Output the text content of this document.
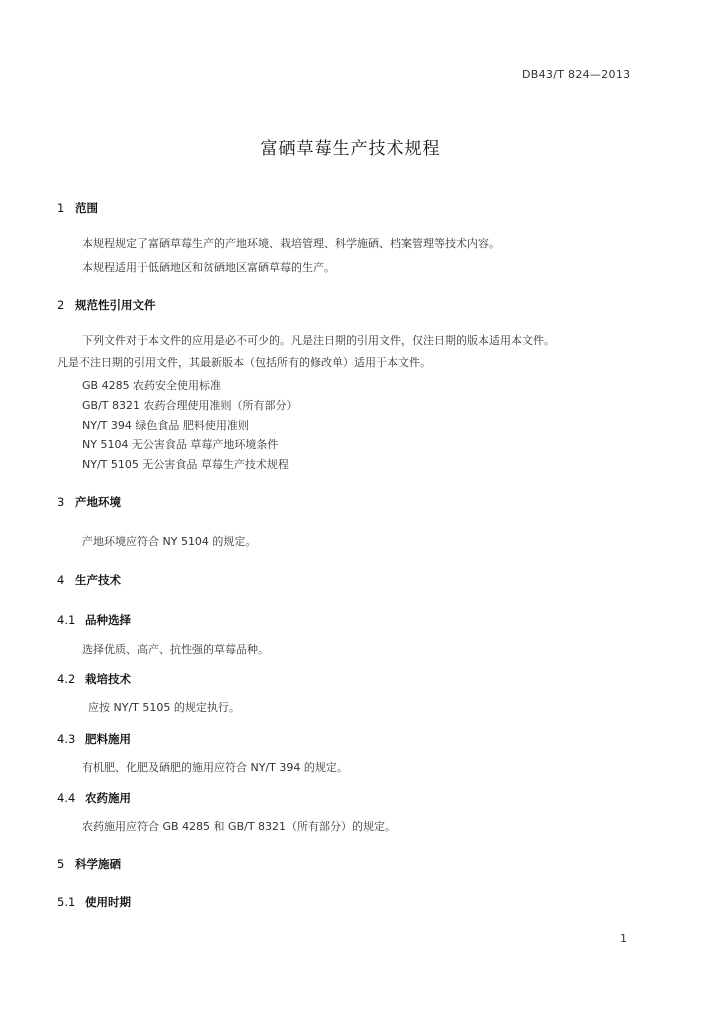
DB43/T 824—2013
富硒草莓生产技术规程
1 范围
本规程规定了富硒草莓生产的产地环境、栽培管理、科学施硒、档案管理等技术内容。
本规程适用于低硒地区和贫硒地区富硒草莓的生产。
2 规范性引用文件
下列文件对于本文件的应用是必不可少的。凡是注日期的引用文件，仅注日期的版本适用本文件。
凡是不注日期的引用文件，其最新版本（包括所有的修改单）适用于本文件。
GB 4285 农药安全使用标准
GB/T 8321 农药合理使用准则（所有部分）
NY/T 394 绿色食品 肥料使用准则
NY 5104 无公害食品 草莓产地环境条件
NY/T 5105 无公害食品 草莓生产技术规程
3 产地环境
产地环境应符合 NY 5104 的规定。
4 生产技术
4.1 品种选择
选择优质、高产、抗性强的草莓品种。
4.2 栽培技术
应按 NY/T 5105 的规定执行。
4.3 肥料施用
有机肥、化肥及硒肥的施用应符合 NY/T 394 的规定。
4.4 农药施用
农药施用应符合 GB 4285 和 GB/T 8321（所有部分）的规定。
5 科学施硒
5.1 使用时期
1
